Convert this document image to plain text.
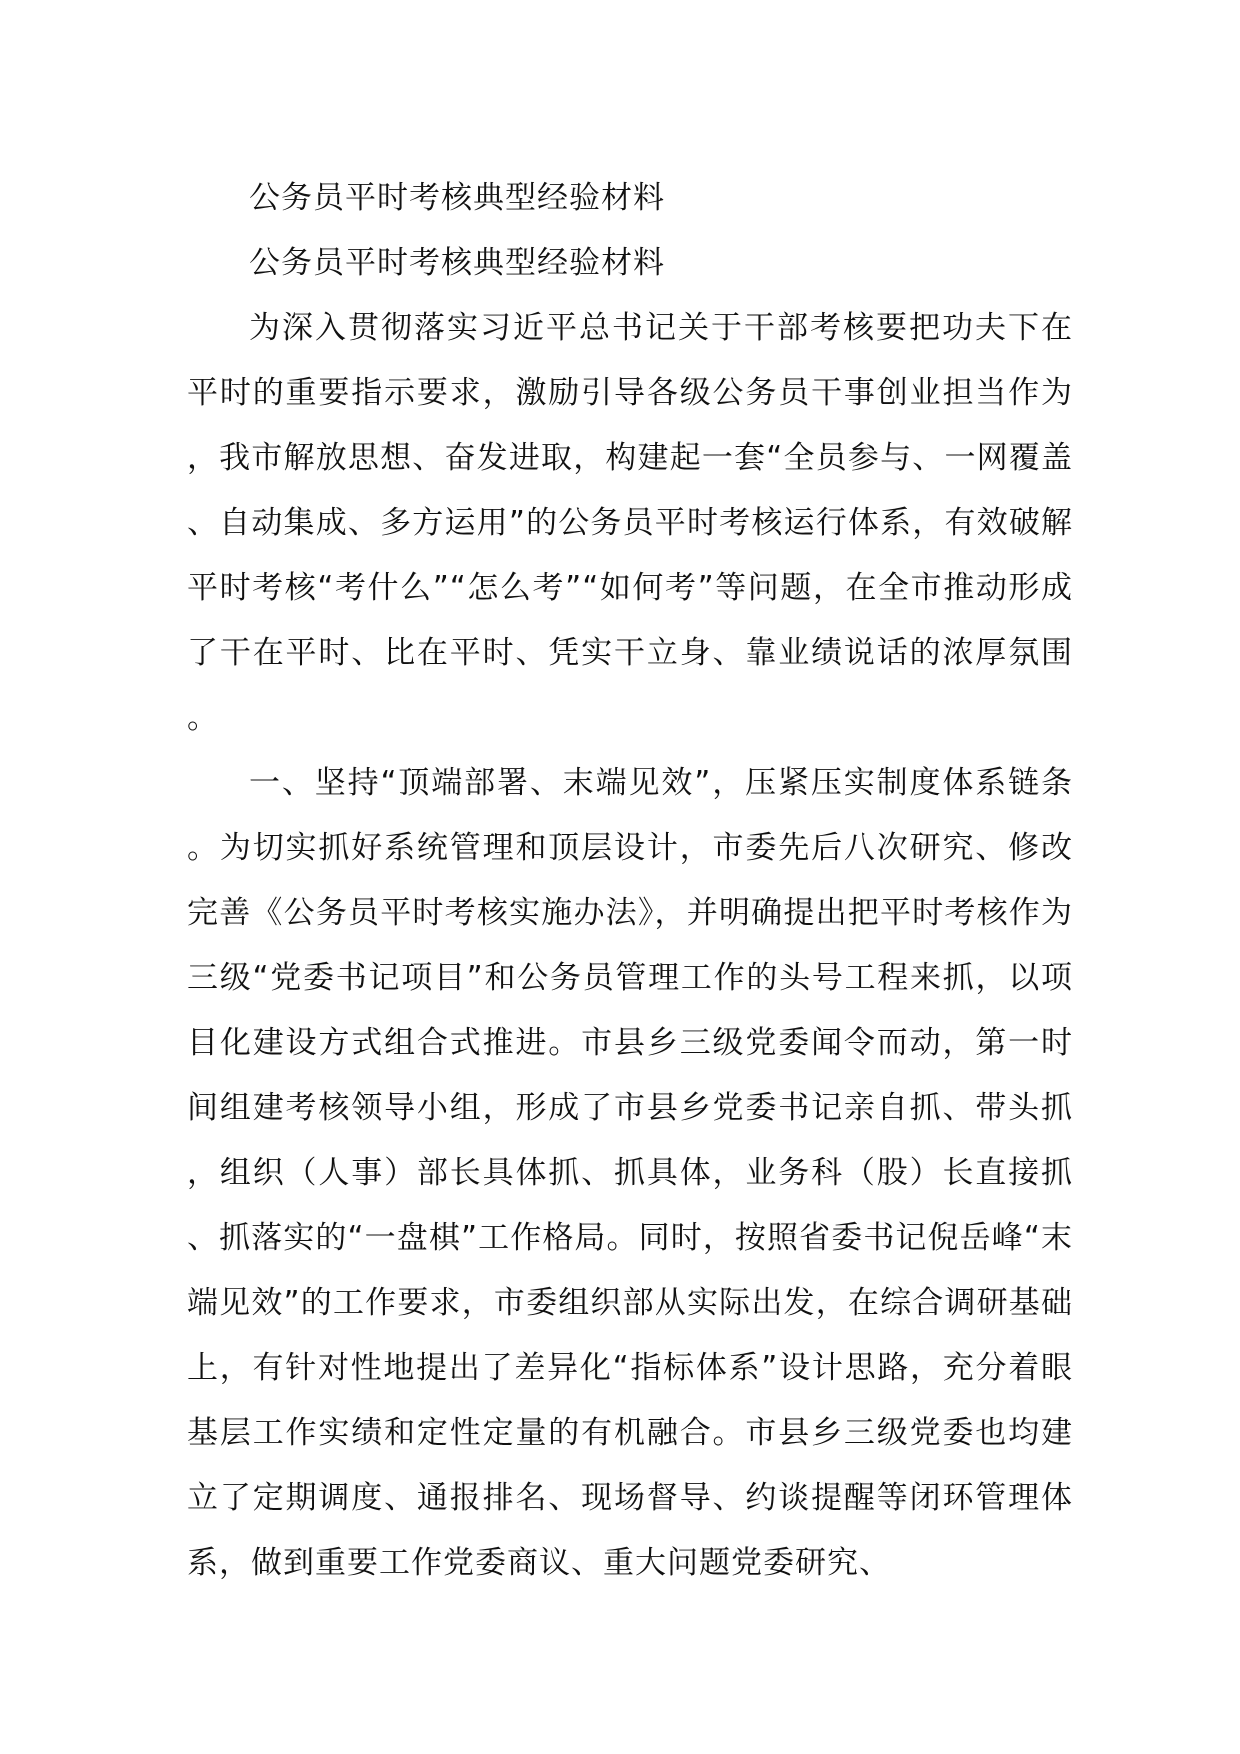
公务员平时考核典型经验材料

公务员平时考核典型经验材料

为深入贯彻落实习近平总书记关于干部考核要把功夫下在平时的重要指示要求，激励引导各级公务员干事创业担当作为，我市解放思想、奋发进取，构建起一套“全员参与、一网覆盖、自动集成、多方运用”的公务员平时考核运行体系，有效破解平时考核“考什么”“怎么考”“如何考”等问题，在全市推动形成了干在平时、比在平时、凭实干立身、靠业绩说话的浓厚氛围。

一、坚持“顶端部署、末端见效”，压紧压实制度体系链条。为切实抓好系统管理和顶层设计，市委先后八次研究、修改完善《公务员平时考核实施办法》，并明确提出把平时考核作为三级“党委书记项目”和公务员管理工作的头号工程来抓，以项目化建设方式组合式推进。市县乡三级党委闻令而动，第一时间组建考核领导小组，形成了市县乡党委书记亲自抓、带头抓，组织（人事）部长具体抓、抓具体，业务科（股）长直接抓、抓落实的“一盘棋”工作格局。同时，按照省委书记倪岳峰“末端见效”的工作要求，市委组织部从实际出发，在综合调研基础上，有针对性地提出了差异化“指标体系”设计思路，充分着眼基层工作实绩和定性定量的有机融合。市县乡三级党委也均建立了定期调度、通报排名、现场督导、约谈提醒等闭环管理体系，做到重要工作党委商议、重大问题党委研究、
